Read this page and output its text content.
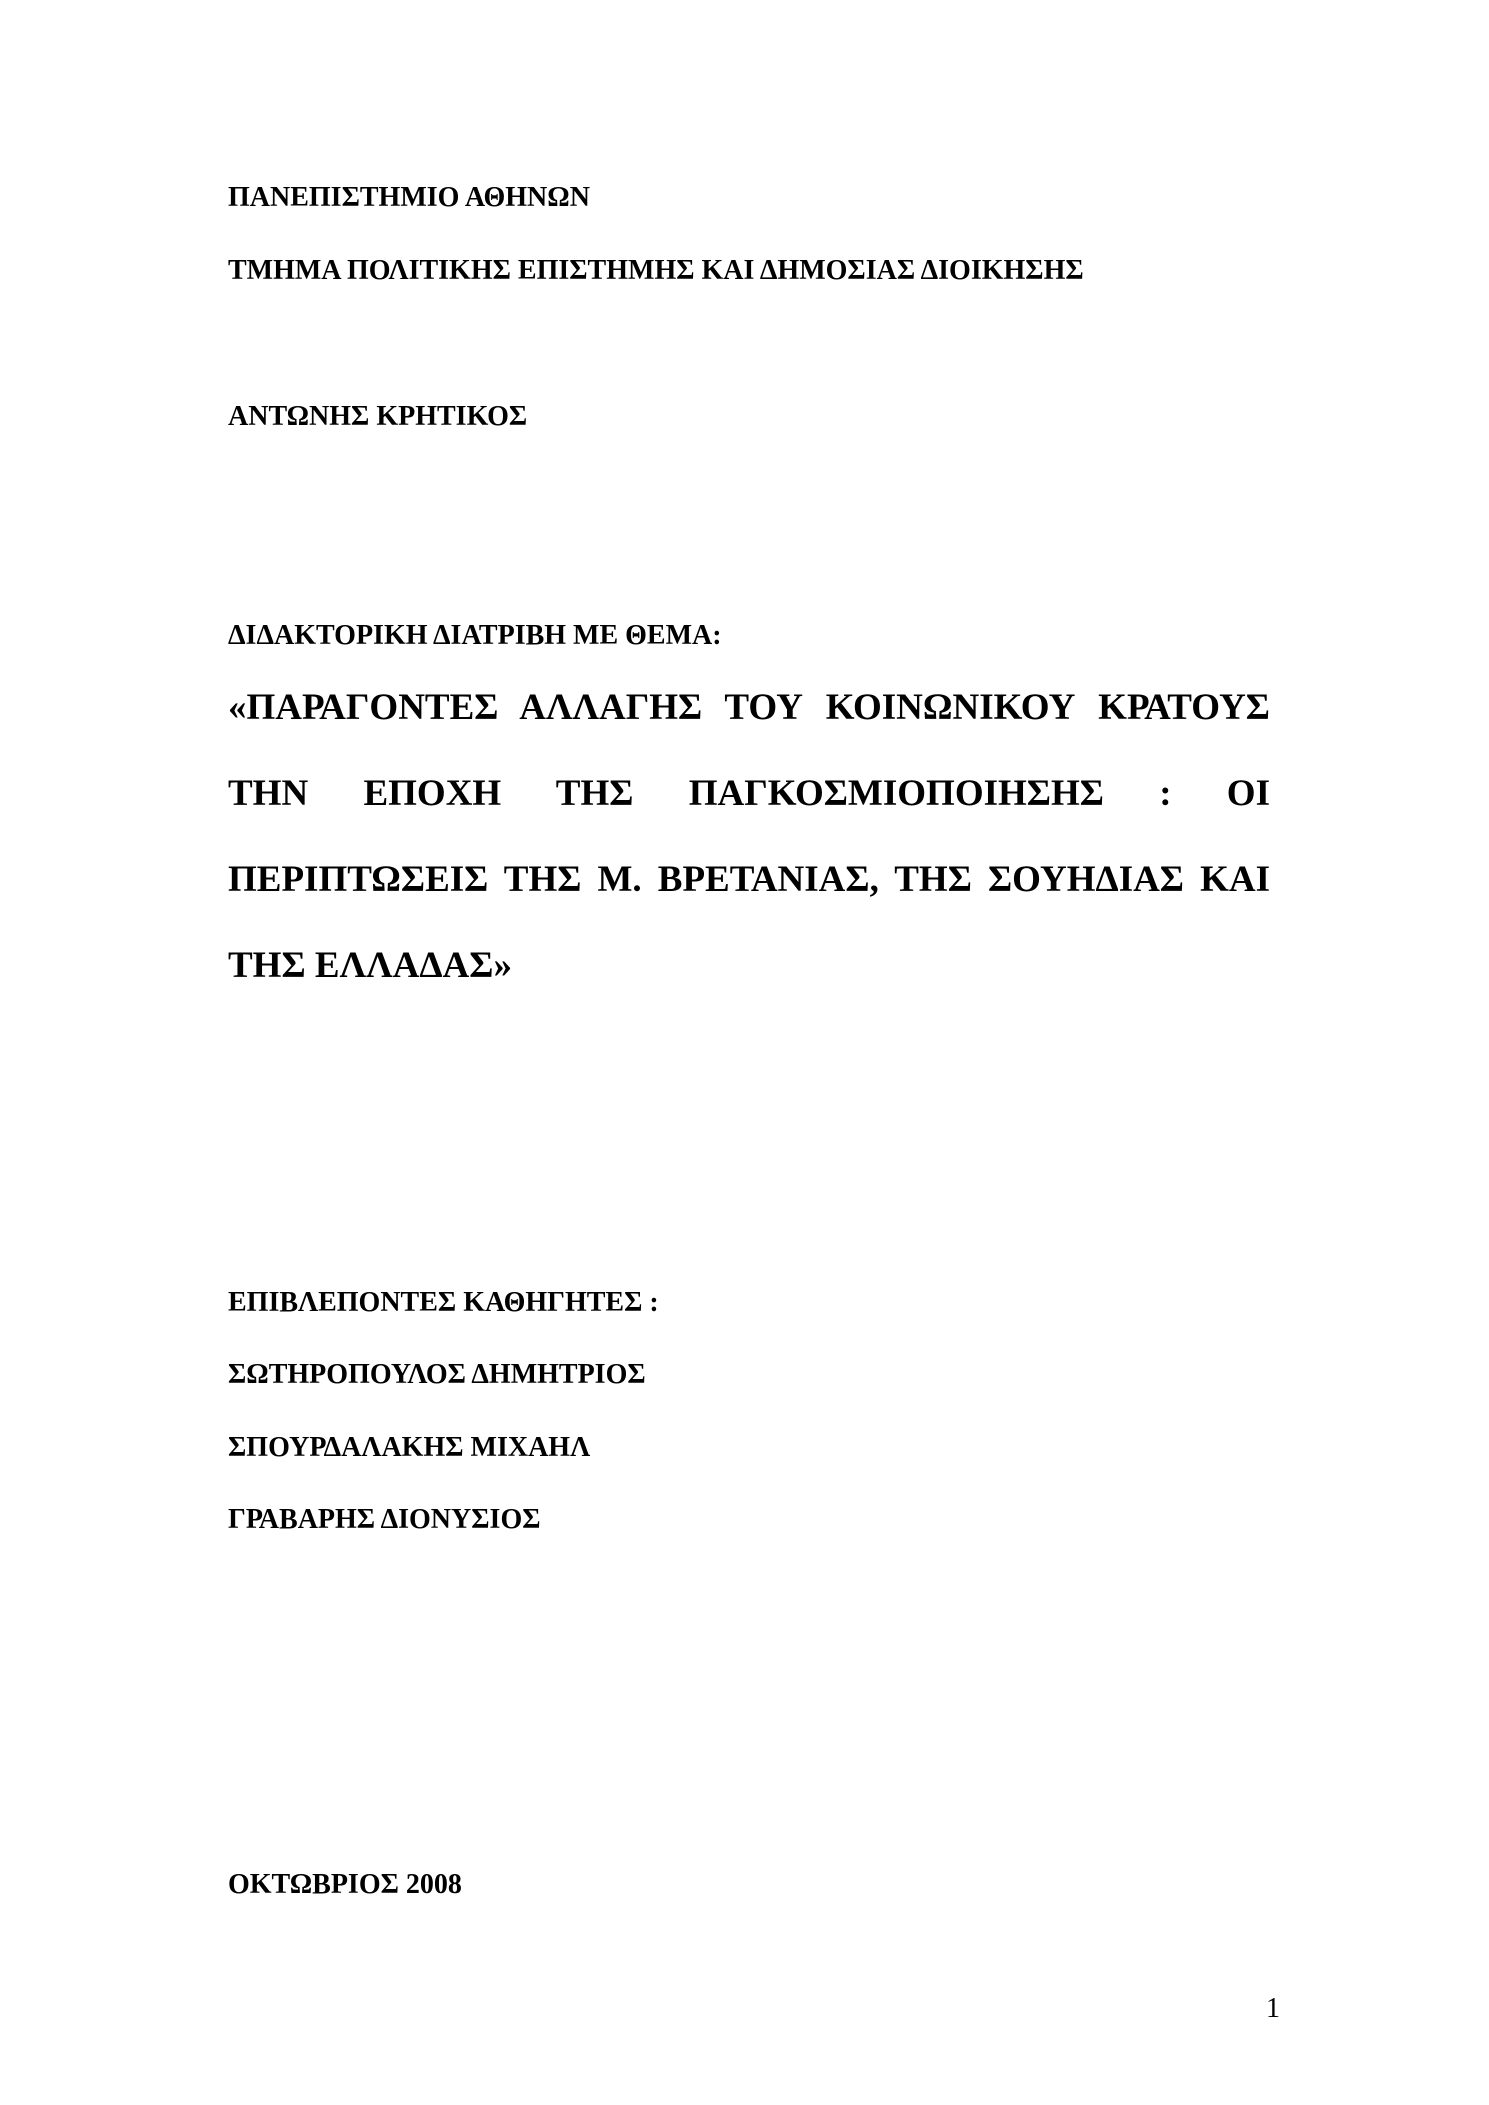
ΠΑΝΕΠΙΣΤΗΜΙΟ ΑΘΗΝΩΝ
ΤΜΗΜΑ ΠΟΛΙΤΙΚΗΣ ΕΠΙΣΤΗΜΗΣ ΚΑΙ ΔΗΜΟΣΙΑΣ ΔΙΟΙΚΗΣΗΣ
ΑΝΤΩΝΗΣ ΚΡΗΤΙΚΟΣ
ΔΙΔΑΚΤΟΡΙΚΗ ΔΙΑΤΡΙΒΗ ΜΕ ΘΕΜΑ:
«ΠΑΡΑΓΟΝΤΕΣ ΑΛΛΑΓΗΣ ΤΟΥ ΚΟΙΝΩΝΙΚΟΥ ΚΡΑΤΟΥΣ
ΤΗΝ ΕΠΟΧΗ ΤΗΣ ΠΑΓΚΟΣΜΙΟΠΟΙΗΣΗΣ : ΟΙ
ΠΕΡΙΠΤΩΣΕΙΣ ΤΗΣ Μ. ΒΡΕΤΑΝΙΑΣ, ΤΗΣ ΣΟΥΗΔΙΑΣ ΚΑΙ
ΤΗΣ ΕΛΛΑΔΑΣ»
ΕΠΙΒΛΕΠΟΝΤΕΣ ΚΑΘΗΓΗΤΕΣ :
ΣΩΤΗΡΟΠΟΥΛΟΣ ΔΗΜΗΤΡΙΟΣ
ΣΠΟΥΡΔΑΛΑΚΗΣ ΜΙΧΑΗΛ
ΓΡΑΒΑΡΗΣ ΔΙΟΝΥΣΙΟΣ
ΟΚΤΩΒΡΙΟΣ 2008
1
